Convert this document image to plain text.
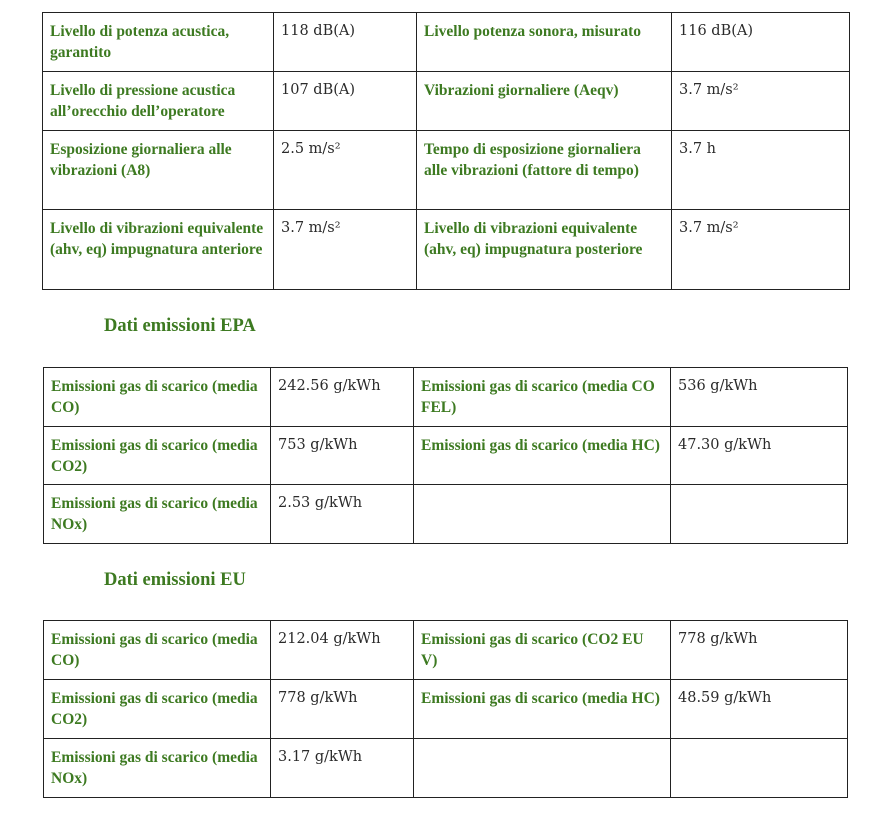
Livello di potenza acustica, garantito	118 dB(A)	Livello potenza sonora, misurato	116 dB(A)
Livello di pressione acustica all’orecchio dell’operatore	107 dB(A)	Vibrazioni giornaliere (Aeqv)	3.7 m/s²
Esposizione giornaliera alle vibrazioni (A8)	2.5 m/s²	Tempo di esposizione giornaliera alle vibrazioni (fattore di tempo)	3.7 h
Livello di vibrazioni equivalente (ahv, eq) impugnatura anteriore	3.7 m/s²	Livello di vibrazioni equivalente (ahv, eq) impugnatura posteriore	3.7 m/s²
Dati emissioni EPA
Emissioni gas di scarico (media CO)	242.56 g/kWh	Emissioni gas di scarico (media CO FEL)	536 g/kWh
Emissioni gas di scarico (media CO2)	753 g/kWh	Emissioni gas di scarico (media HC)	47.30 g/kWh
Emissioni gas di scarico (media NOx)	2.53 g/kWh		
Dati emissioni EU
Emissioni gas di scarico (media CO)	212.04 g/kWh	Emissioni gas di scarico (CO2 EU V)	778 g/kWh
Emissioni gas di scarico (media CO2)	778 g/kWh	Emissioni gas di scarico (media HC)	48.59 g/kWh
Emissioni gas di scarico (media NOx)	3.17 g/kWh		
